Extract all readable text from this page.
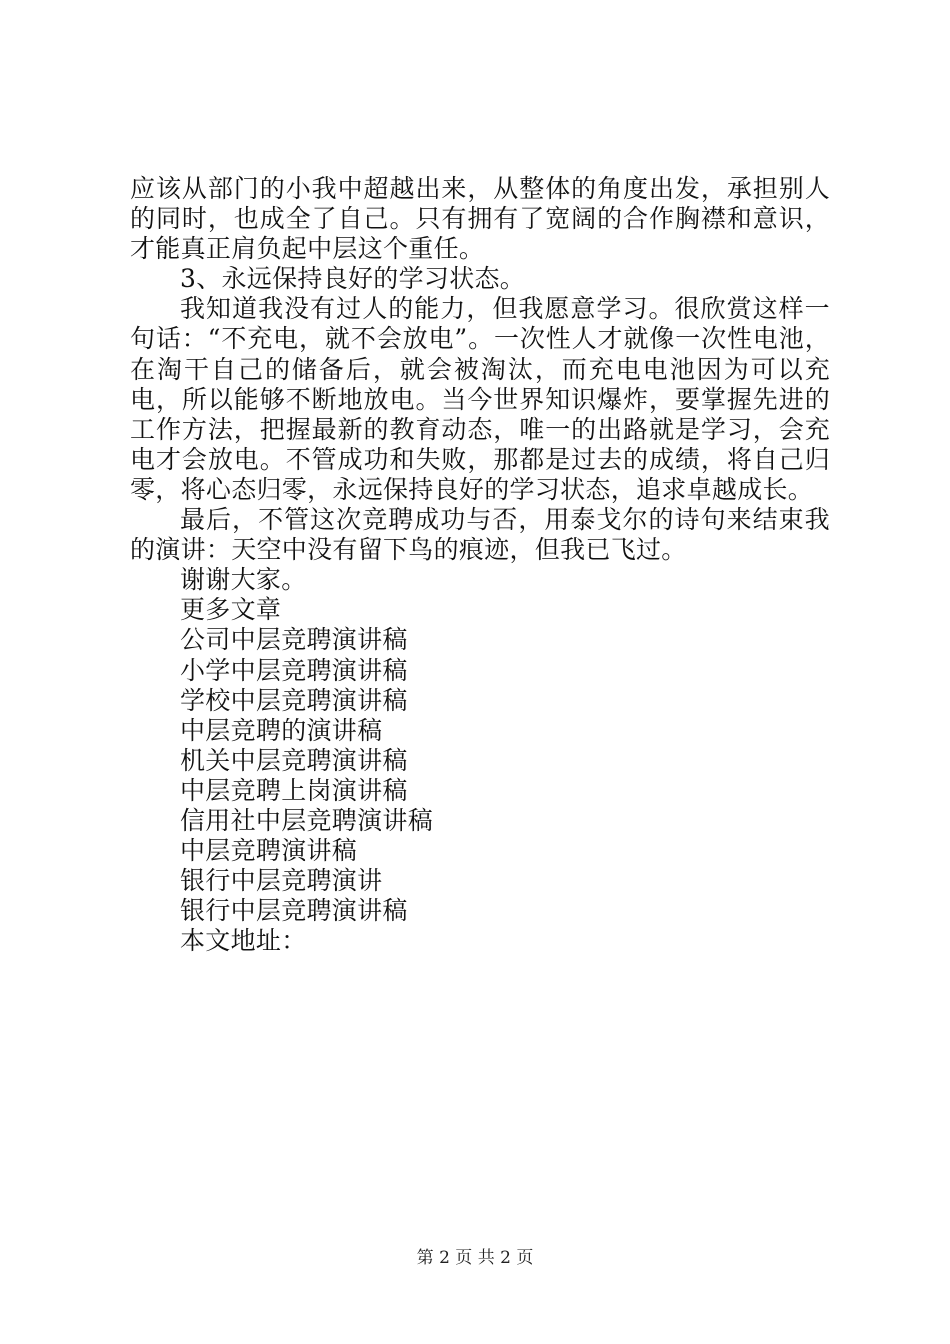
应该从部门的小我中超越出来，从整体的角度出发，承担别人的同时，也成全了自己。只有拥有了宽阔的合作胸襟和意识，才能真正肩负起中层这个重任。

3、永远保持良好的学习状态。

我知道我没有过人的能力，但我愿意学习。很欣赏这样一句话：“不充电，就不会放电”。一次性人才就像一次性电池，在淘干自己的储备后，就会被淘汰，而充电电池因为可以充电，所以能够不断地放电。当今世界知识爆炸，要掌握先进的工作方法，把握最新的教育动态，唯一的出路就是学习，会充电才会放电。不管成功和失败，那都是过去的成绩，将自己归零，将心态归零，永远保持良好的学习状态，追求卓越成长。

最后，不管这次竞聘成功与否，用泰戈尔的诗句来结束我的演讲：天空中没有留下鸟的痕迹，但我已飞过。

谢谢大家。
更多文章
公司中层竞聘演讲稿
小学中层竞聘演讲稿
学校中层竞聘演讲稿
中层竞聘的演讲稿
机关中层竞聘演讲稿
中层竞聘上岗演讲稿
信用社中层竞聘演讲稿
中层竞聘演讲稿
银行中层竞聘演讲
银行中层竞聘演讲稿
本文地址：
第 2 页 共 2 页
